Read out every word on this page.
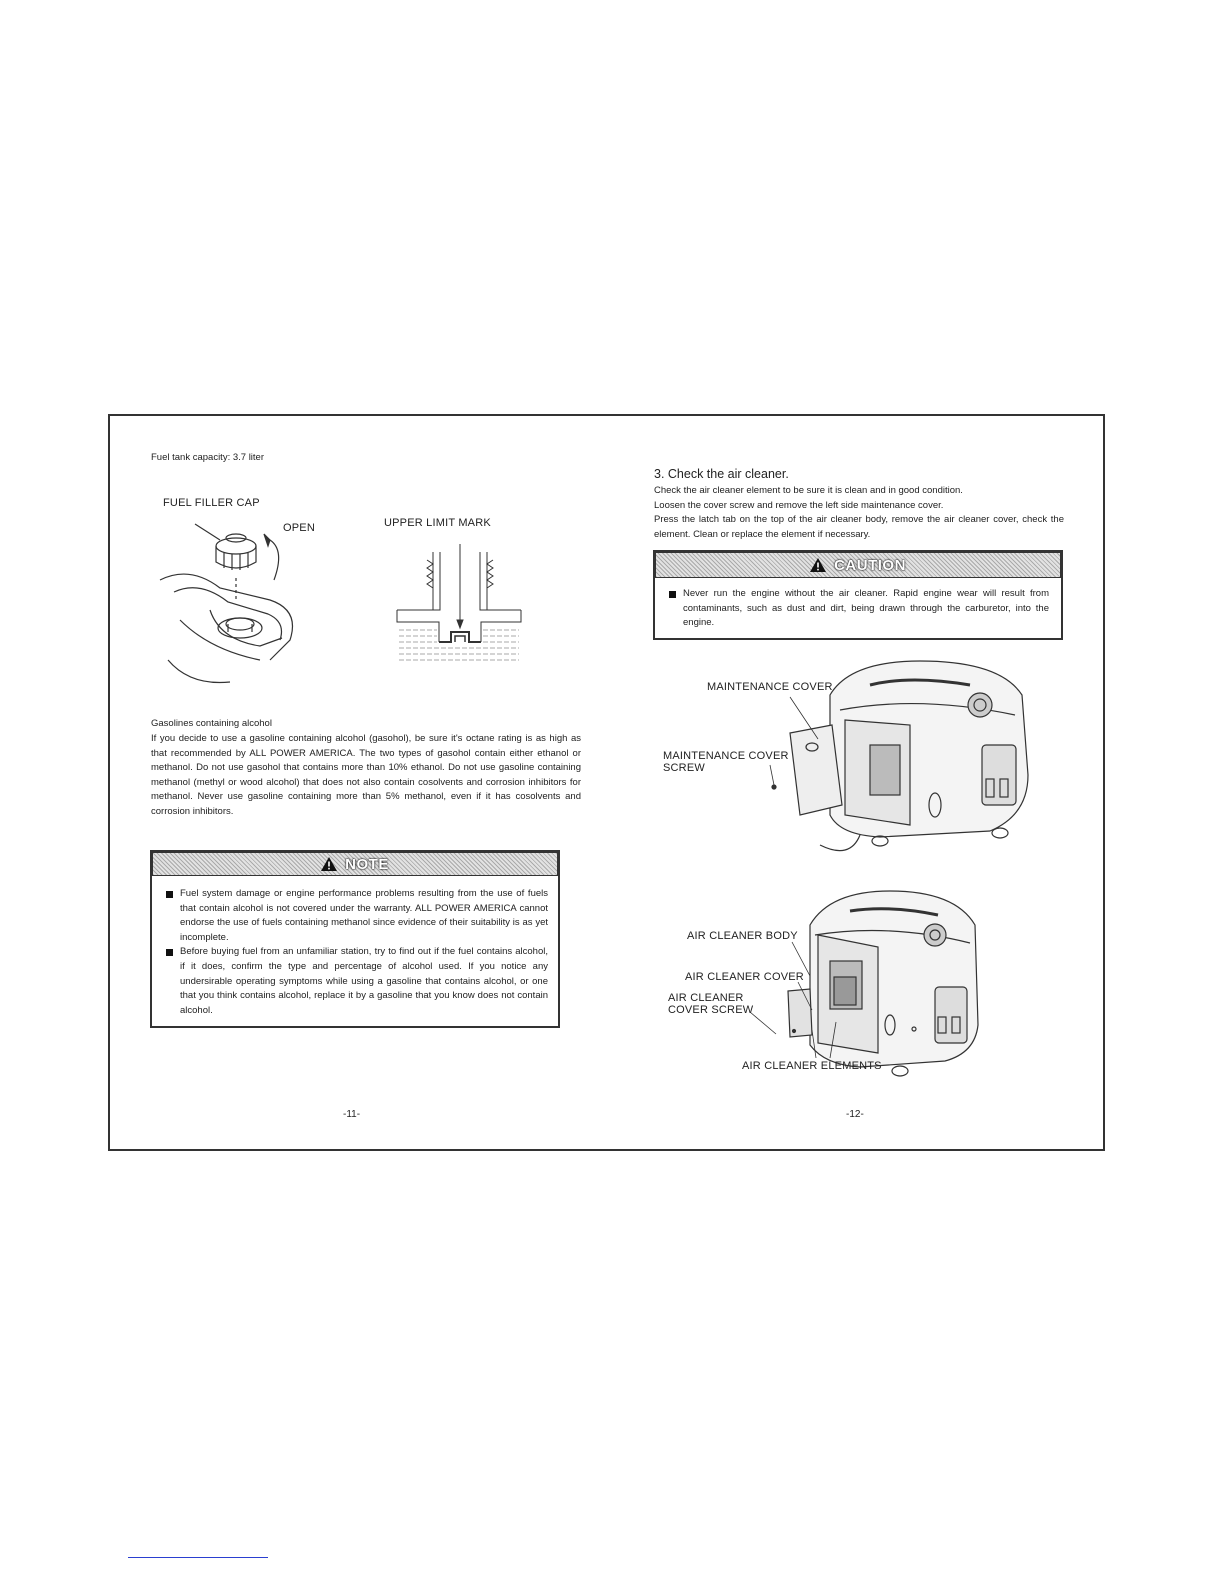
Fuel tank capacity: 3.7 liter
FUEL FILLER CAP
OPEN	UPPER LIMIT MARK
Gasolines containing alcohol
If you decide to use a gasoline containing alcohol (gasohol), be sure it's octane rating is as high as that recommended by ALL POWER AMERICA. The two types of gasohol contain either ethanol or methanol. Do not use gasohol that contains more than 10% ethanol. Do not use gasoline containing methanol (methyl or wood alcohol) that does not also contain cosolvents and corrosion inhibitors for methanol. Never use gasoline containing more than 5% methanol, even if it has cosolvents and corrosion inhibitors.
NOTE
Fuel system damage or engine performance problems resulting from the use of fuels that contain alcohol is not covered under the warranty. ALL POWER AMERICA cannot endorse the use of fuels containing methanol since evidence of their suitability is as yet incomplete.
Before buying fuel from an unfamiliar station, try to find out if the fuel contains alcohol, if it does, confirm the type and percentage of alcohol used. If you notice any undersirable operating symptoms while using a gasoline that contains alcohol, or one that you think contains alcohol, replace it by a gasoline that you know does not contain alcohol.
-11-
3. Check the air cleaner.
Check the air cleaner element to be sure it is clean and in good condition.
Loosen the cover screw and remove the left side maintenance cover.
Press the latch tab on the top of the air cleaner body, remove the air cleaner cover, check the element. Clean or replace the element if necessary.
CAUTION
Never run the engine without the air cleaner. Rapid engine wear will result from contaminants, such as dust and dirt, being drawn through the carburetor, into the engine.
MAINTENANCE COVER
MAINTENANCE COVER
SCREW
AIR CLEANER BODY
AIR CLEANER COVER
AIR CLEANER
COVER SCREW
AIR CLEANER ELEMENTS
-12-
